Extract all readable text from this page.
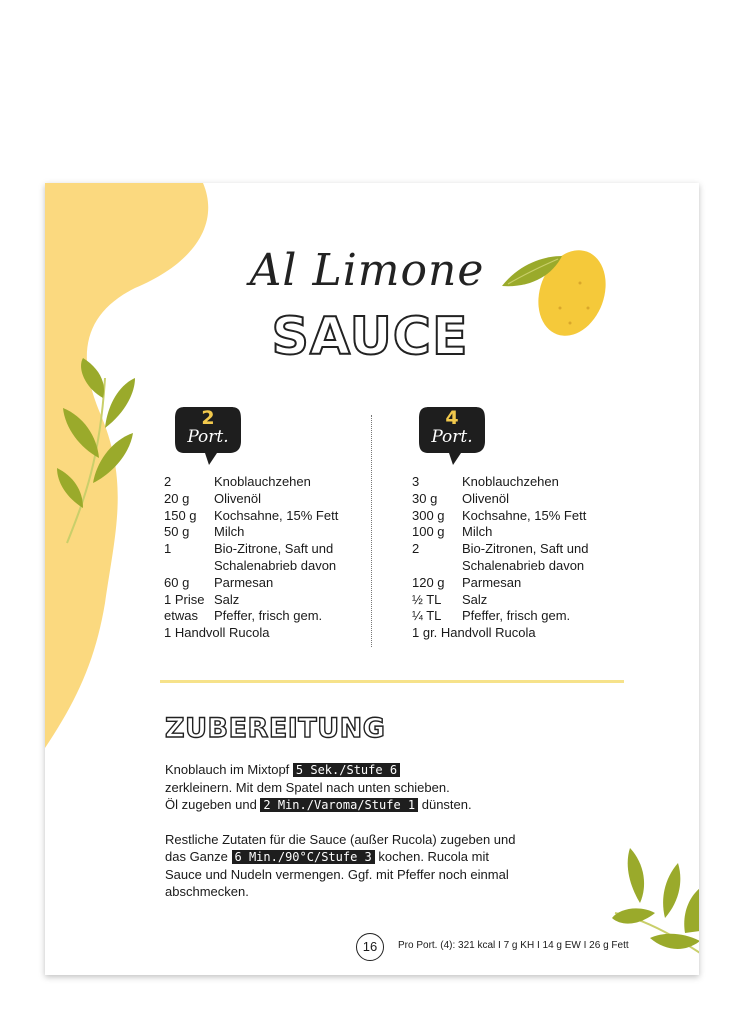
Al Limone
SAUCE
2
Port.
2	Knoblauchzehen
20 g	Olivenöl
150 g	Kochsahne, 15% Fett
50 g	Milch
1	Bio-Zitrone, Saft und
Schalenabrieb davon
60 g	Parmesan
1 Prise Salz
etwas	Pfeffer, frisch gem.
1 Handvoll Rucola
4
Port.
3	Knoblauchzehen
30 g	Olivenöl
300 g	Kochsahne, 15% Fett
100 g	Milch
2	Bio-Zitronen, Saft und
Schalenabrieb davon
120 g	Parmesan
½ TL	Salz
¼ TL	Pfeffer, frisch gem.
1 gr. Handvoll Rucola
ZUBEREITUNG

Knoblauch im Mixtopf 5 Sek./Stufe 6
zerkleinern. Mit dem Spatel nach unten schieben.
Öl zugeben und 2 Min./Varoma/Stufe 1 dünsten.

Restliche Zutaten für die Sauce (außer Rucola) zugeben und
das Ganze 6 Min./90°C/Stufe 3 kochen. Rucola mit
Sauce und Nudeln vermengen. Ggf. mit Pfeffer noch einmal
abschmecken.

16	Pro Port. (4): 321 kcal I 7 g KH I 14 g EW I 26 g Fett
